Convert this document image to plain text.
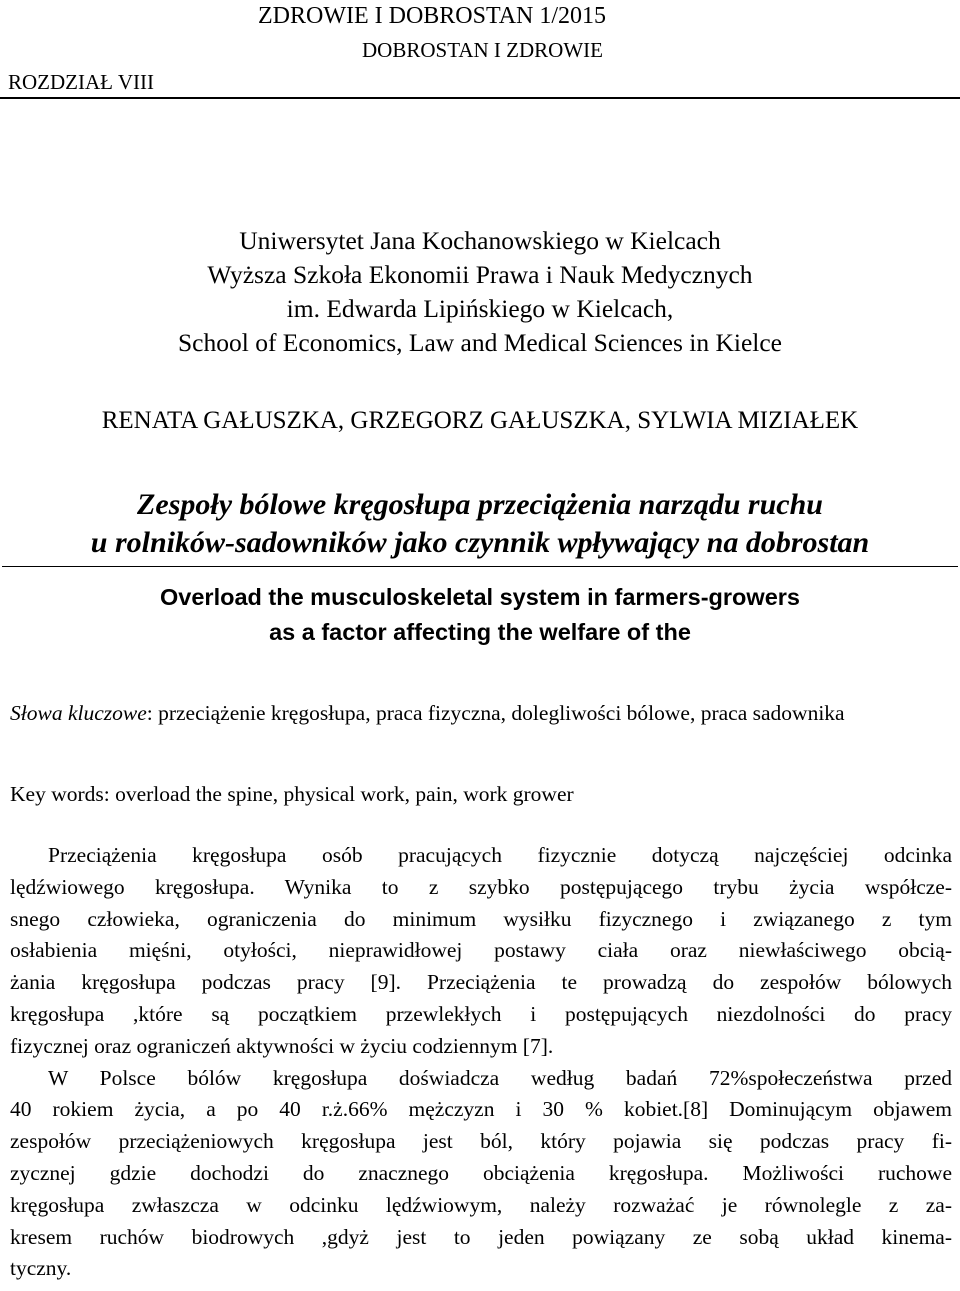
ZDROWIE I DOBROSTAN 1/2015
DOBROSTAN I ZDROWIE
ROZDZIAŁ VIII
Uniwersytet Jana Kochanowskiego w Kielcach
Wyższa Szkoła Ekonomii Prawa i Nauk Medycznych
im. Edwarda Lipińskiego w Kielcach,
School of Economics, Law and Medical Sciences in Kielce
RENATA GAŁUSZKA, GRZEGORZ GAŁUSZKA, SYLWIA MIZIAŁEK
Zespoły bólowe kręgosłupa przeciążenia narządu ruchu
u rolników-sadowników jako czynnik wpływający na dobrostan
Overload the musculoskeletal system in farmers-growers
as a factor affecting the welfare of the
Słowa kluczowe: przeciążenie kręgosłupa, praca fizyczna, dolegliwości bólowe, praca sadownika
Key words: overload the spine, physical work, pain, work grower
Przeciążenia kręgosłupa osób pracujących fizycznie dotyczą najczęściej odcinka
lędźwiowego kręgosłupa. Wynika to z szybko postępującego trybu życia współcze-
snego człowieka, ograniczenia do minimum wysiłku fizycznego i związanego z tym
osłabienia mięśni, otyłości, nieprawidłowej postawy ciała oraz niewłaściwego obcią-
żania kręgosłupa podczas pracy [9]. Przeciążenia te prowadzą do zespołów bólowych
kręgosłupa ,które są początkiem przewlekłych i postępujących niezdolności do pracy
fizycznej oraz ograniczeń aktywności w życiu codziennym [7].
W Polsce bólów kręgosłupa doświadcza według badań 72%społeczeństwa przed
40 rokiem życia, a po 40 r.ż.66% mężczyzn i 30 % kobiet.[8] Dominującym objawem
zespołów przeciążeniowych kręgosłupa jest ból, który pojawia się podczas pracy fi-
zycznej gdzie dochodzi do znacznego obciążenia kręgosłupa. Możliwości ruchowe
kręgosłupa zwłaszcza w odcinku lędźwiowym, należy rozważać je równolegle z za-
kresem ruchów biodrowych ,gdyż jest to jeden powiązany ze sobą układ kinema-
tyczny.
